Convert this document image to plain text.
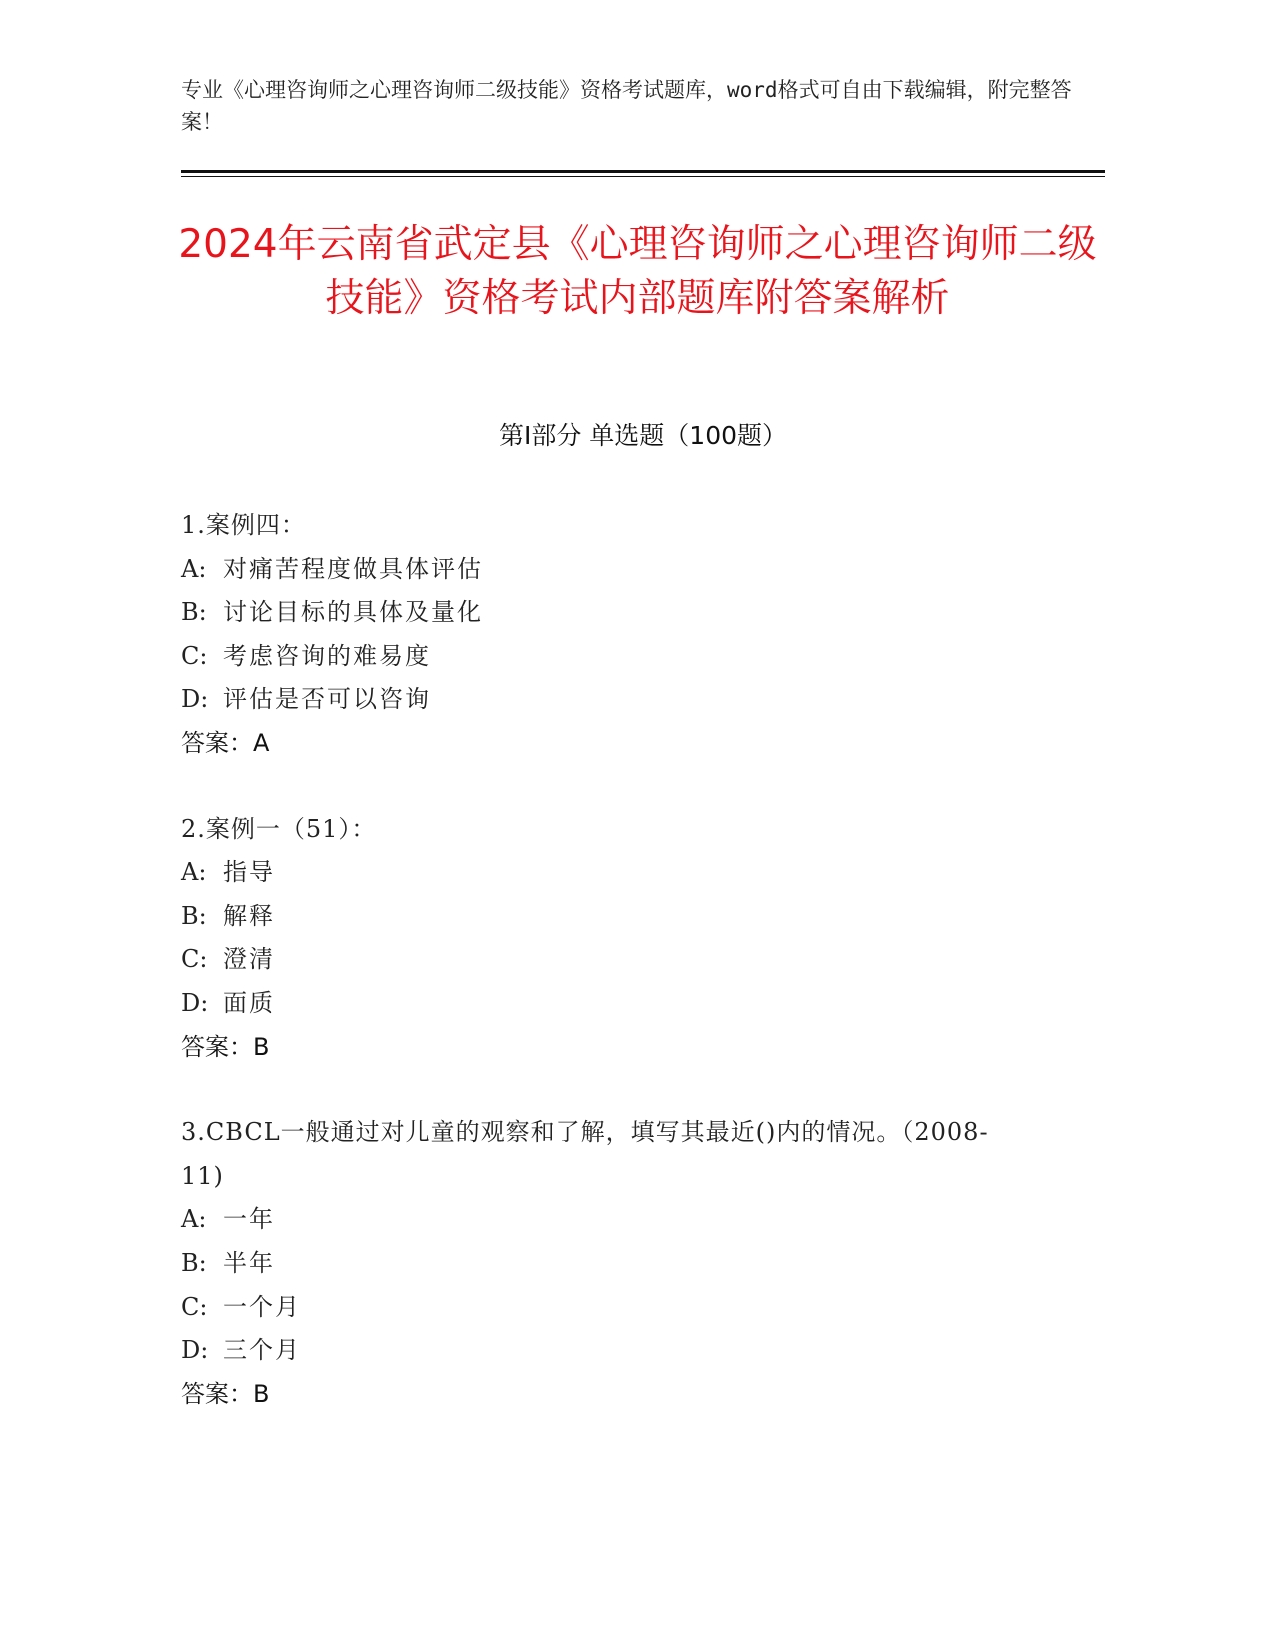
专业《心理咨询师之心理咨询师二级技能》资格考试题库，word格式可自由下载编辑，附完整答案！
2024年云南省武定县《心理咨询师之心理咨询师二级技能》资格考试内部题库附答案解析
第Ⅰ部分 单选题（100题）
1.案例四：
A: 对痛苦程度做具体评估
B: 讨论目标的具体及量化
C: 考虑咨询的难易度
D: 评估是否可以咨询
答案：A
2.案例一（51）：
A: 指导
B: 解释
C: 澄清
D: 面质
答案：B
3.CBCL一般通过对儿童的观察和了解，填写其最近()内的情况。（2008-11)
A: 一年
B: 半年
C: 一个月
D: 三个月
答案：B
